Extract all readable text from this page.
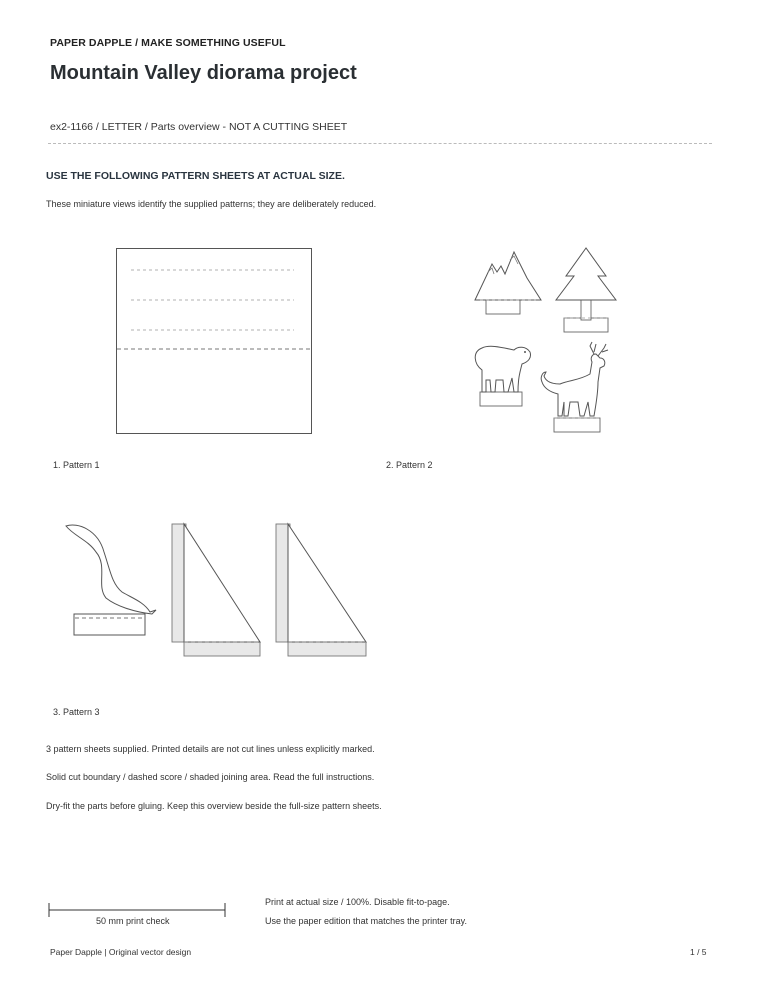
PAPER DAPPLE / MAKE SOMETHING USEFUL
Mountain Valley diorama project
ex2-1166 / LETTER / Parts overview - NOT A CUTTING SHEET
USE THE FOLLOWING PATTERN SHEETS AT ACTUAL SIZE.
These miniature views identify the supplied patterns; they are deliberately reduced.
1. Pattern 1	2. Pattern 2
3. Pattern 3
3 pattern sheets supplied. Printed details are not cut lines unless explicitly marked.
Solid cut boundary / dashed score / shaded joining area. Read the full instructions.
Dry-fit the parts before gluing. Keep this overview beside the full-size pattern sheets.
50 mm print check
Print at actual size / 100%. Disable fit-to-page.
Use the paper edition that matches the printer tray.
Paper Dapple | Original vector design	1 / 5
